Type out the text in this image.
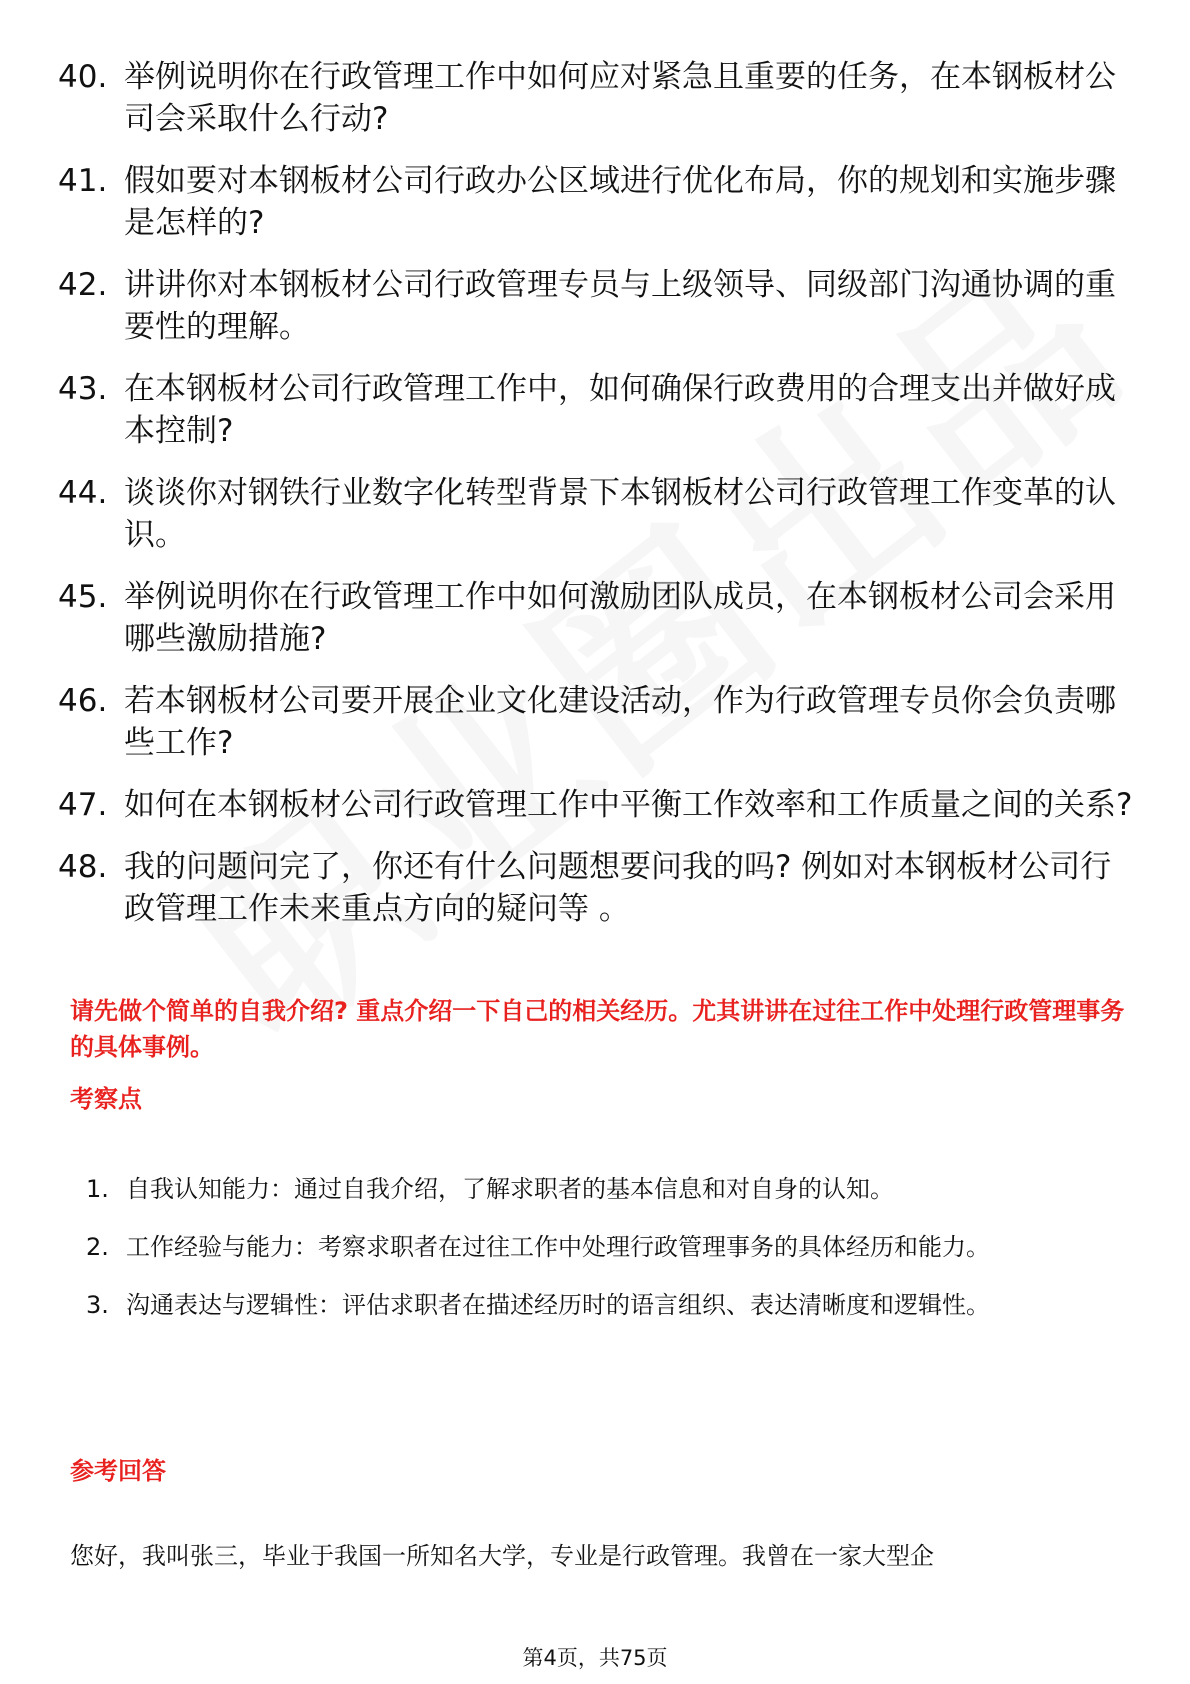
40. 举例说明你在行政管理工作中如何应对紧急且重要的任务，在本钢板材公司会采取什么行动?
41. 假如要对本钢板材公司行政办公区域进行优化布局，你的规划和实施步骤是怎样的?
42. 讲讲你对本钢板材公司行政管理专员与上级领导、同级部门沟通协调的重要性的理解。
43. 在本钢板材公司行政管理工作中，如何确保行政费用的合理支出并做好成本控制?
44. 谈谈你对钢铁行业数字化转型背景下本钢板材公司行政管理工作变革的认识。
45. 举例说明你在行政管理工作中如何激励团队成员，在本钢板材公司会采用哪些激励措施?
46. 若本钢板材公司要开展企业文化建设活动，作为行政管理专员你会负责哪些工作?
47. 如何在本钢板材公司行政管理工作中平衡工作效率和工作质量之间的关系?
48. 我的问题问完了，你还有什么问题想要问我的吗? 例如对本钢板材公司行政管理工作未来重点方向的疑问等 。
请先做个简单的自我介绍? 重点介绍一下自己的相关经历。尤其讲讲在过往工作中处理行政管理事务的具体事例。
考察点
1. 自我认知能力：通过自我介绍，了解求职者的基本信息和对自身的认知。
2. 工作经验与能力：考察求职者在过往工作中处理行政管理事务的具体经历和能力。
3. 沟通表达与逻辑性：评估求职者在描述经历时的语言组织、表达清晰度和逻辑性。
参考回答
您好，我叫张三，毕业于我国一所知名大学，专业是行政管理。我曾在一家大型企
第4页，共75页
